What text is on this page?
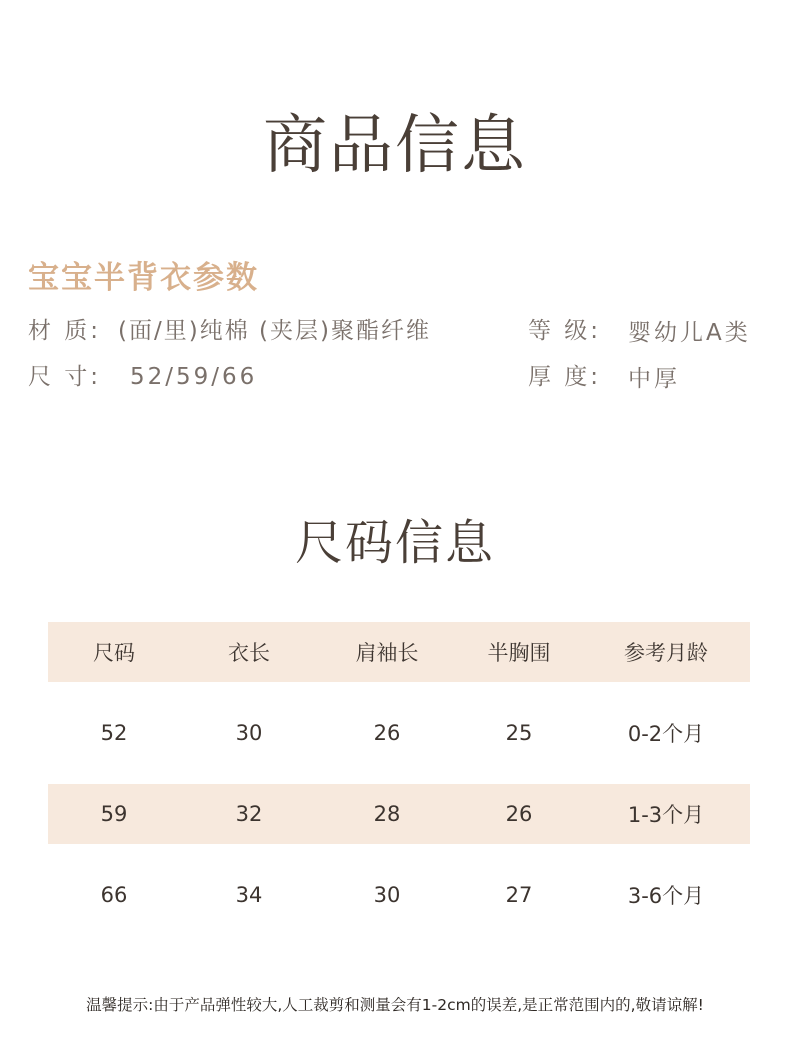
商品信息
宝宝半背衣参数
材 质: (面/里)纯棉 (夹层)聚酯纤维	等 级: 婴幼儿A类
尺 寸: 52/59/66	厚 度: 中厚
尺码信息
尺码	衣长	肩袖长	半胸围	参考月龄
52	30	26	25	0-2个月
59	32	28	26	1-3个月
66	34	30	27	3-6个月
温馨提示:由于产品弹性较大,人工裁剪和测量会有1-2cm的误差,是正常范围内的,敬请谅解!
